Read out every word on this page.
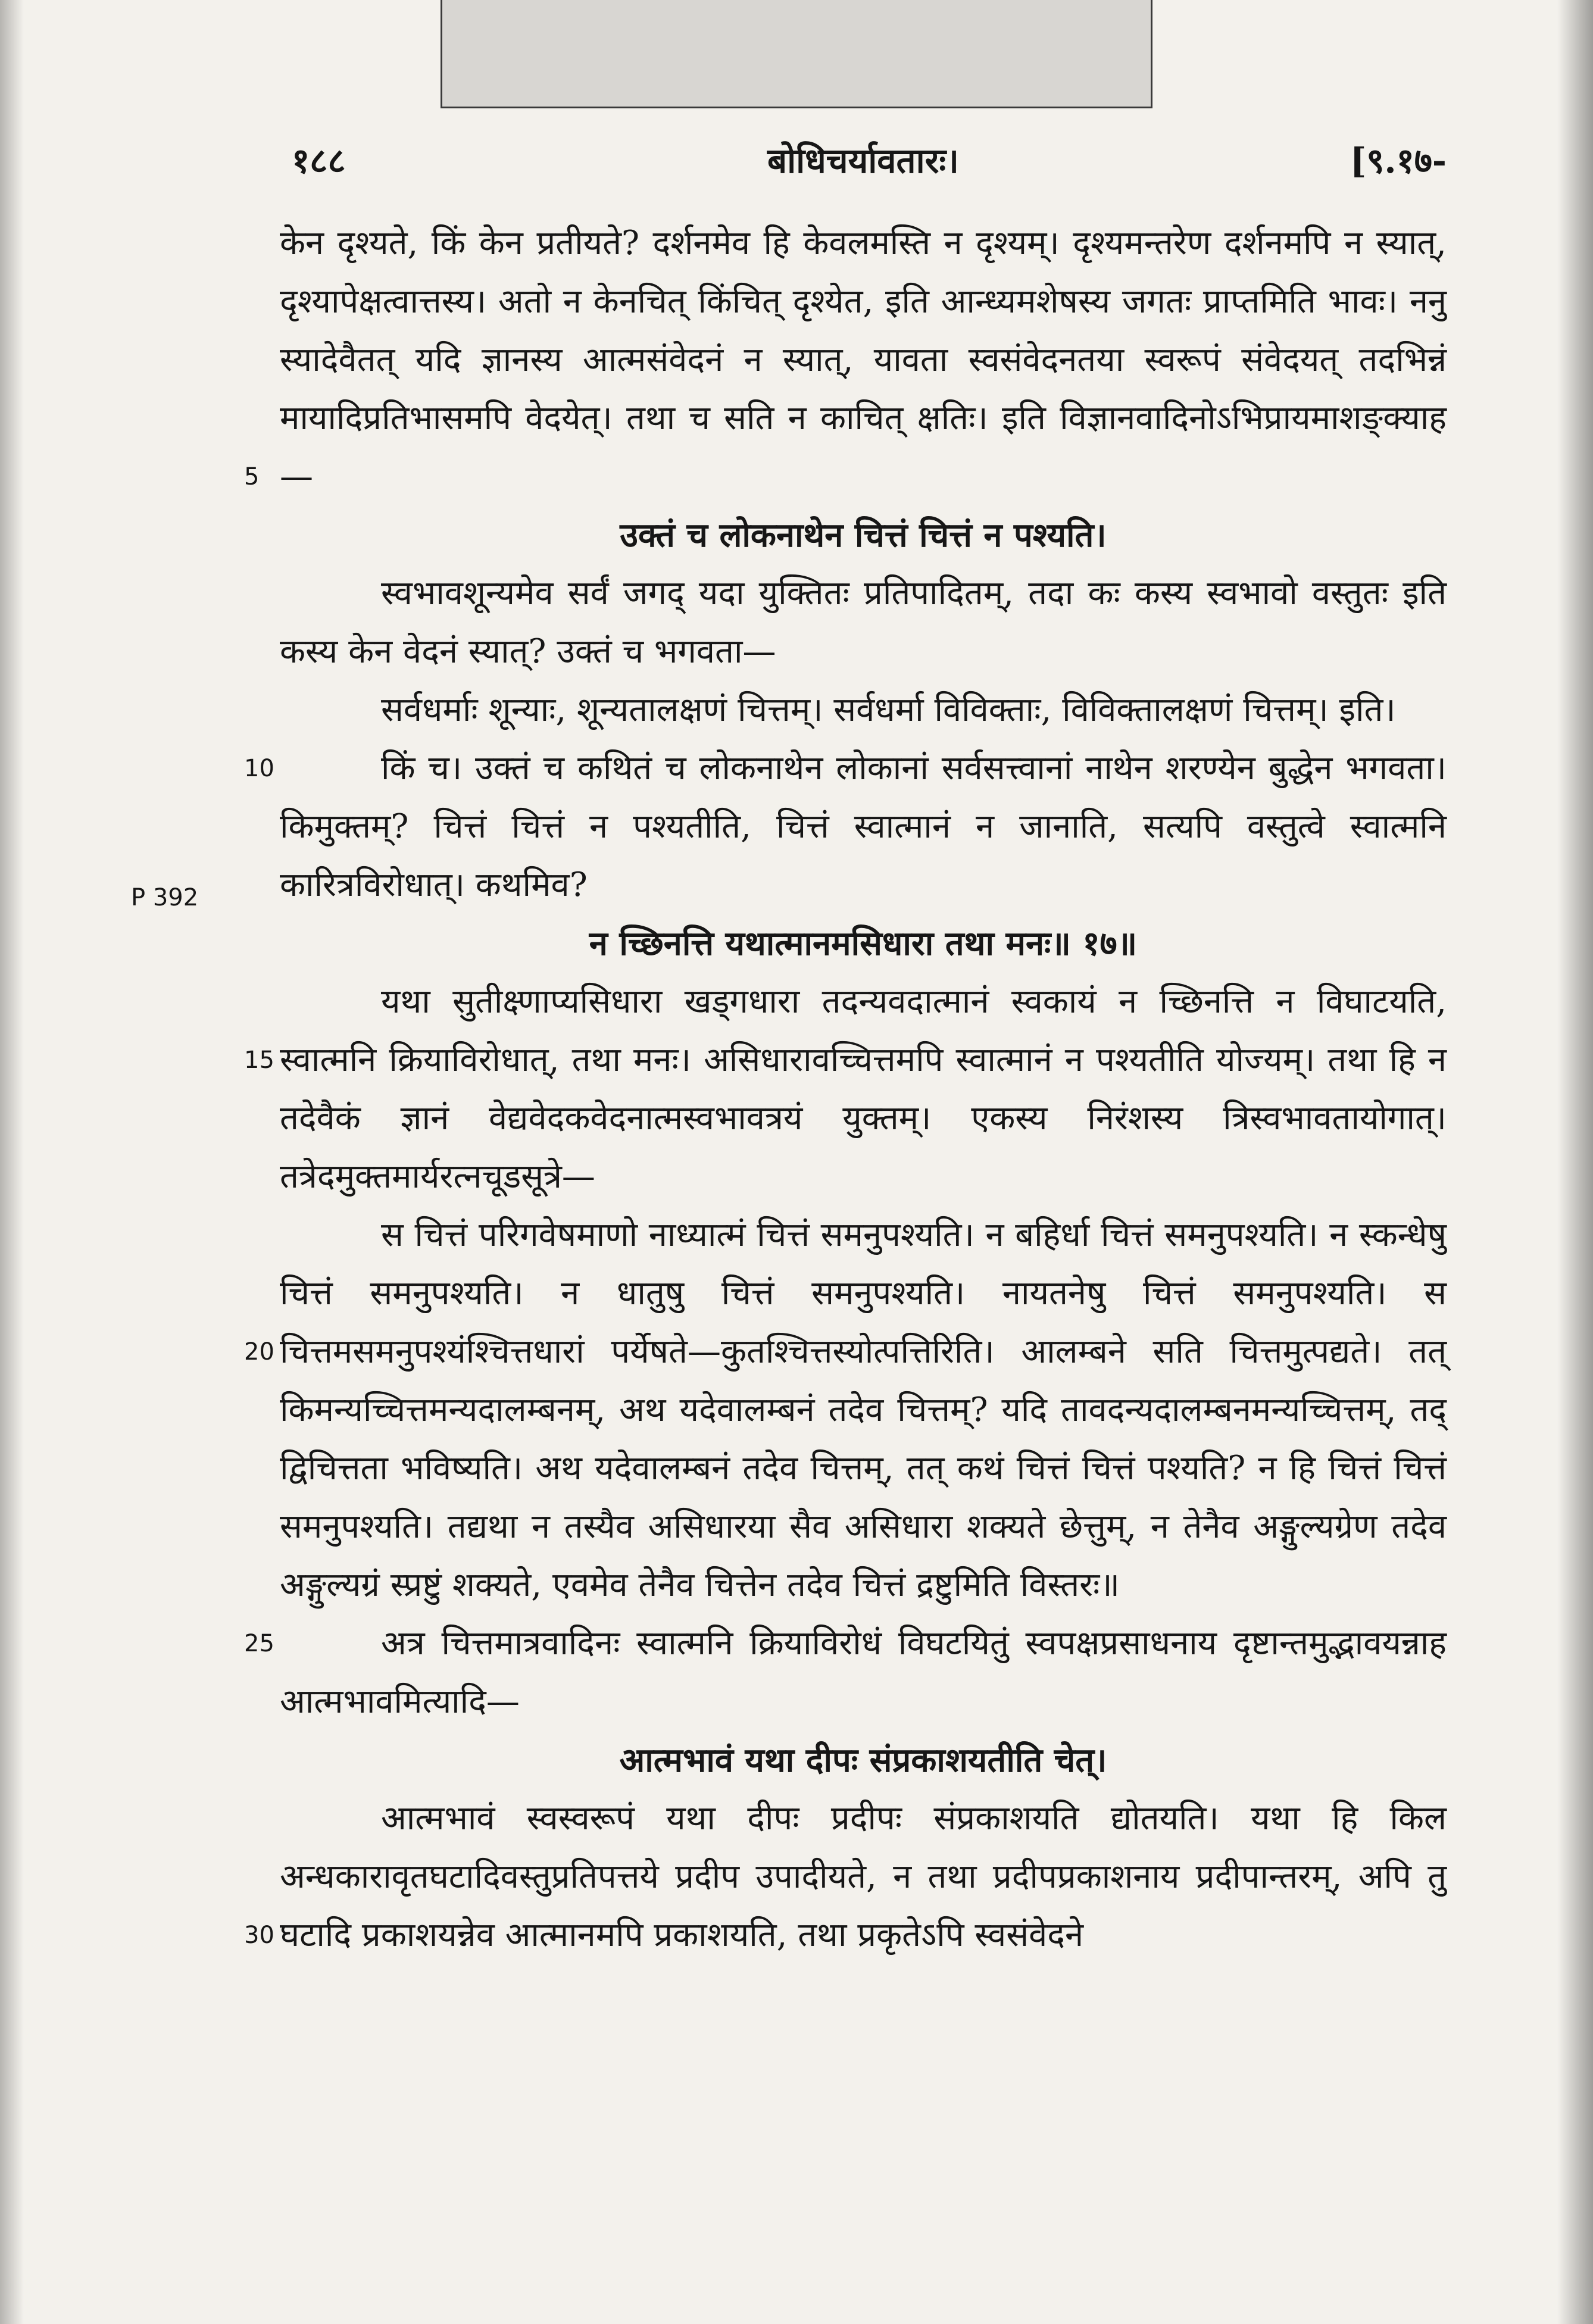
१८८	बोधिचर्यावतारः।	[९.१७-
P 392
5
10
15
20
25
30

केन दृश्यते, किं केन प्रतीयते? दर्शनमेव हि केवलमस्ति न दृश्यम्। दृश्यमन्तरेण दर्शनमपि न स्यात्, दृश्यापेक्षत्वात्तस्य। अतो न केनचित् किंचित् दृश्येत, इति आन्ध्यमशेषस्य जगतः प्राप्तमिति भावः। ननु स्यादेवैतत् यदि ज्ञानस्य आत्मसंवेदनं न स्यात्, यावता स्वसंवेदनतया स्वरूपं संवेदयत् तदभिन्नं मायादिप्रतिभासमपि वेदयेत्। तथा च सति न काचित् क्षतिः। इति विज्ञानवादिनोऽभिप्रायमाशङ्क्याह—

उक्तं च लोकनाथेन चित्तं चित्तं न पश्यति।

स्वभावशून्यमेव सर्वं जगद् यदा युक्तितः प्रतिपादितम्, तदा कः कस्य स्वभावो वस्तुतः इति कस्य केन वेदनं स्यात्? उक्तं च भगवता—

सर्वधर्माः शून्याः, शून्यतालक्षणं चित्तम्। सर्वधर्मा विविक्ताः, विविक्तालक्षणं चित्तम्। इति।

किं च। उक्तं च कथितं च लोकनाथेन लोकानां सर्वसत्त्वानां नाथेन शरण्येन बुद्धेन भगवता। किमुक्तम्? चित्तं चित्तं न पश्यतीति, चित्तं स्वात्मानं न जानाति, सत्यपि वस्तुत्वे स्वात्मनि कारित्रविरोधात्। कथमिव?

न च्छिनत्ति यथात्मानमसिधारा तथा मनः॥ १७॥

यथा सुतीक्ष्णाप्यसिधारा खड्गधारा तदन्यवदात्मानं स्वकायं न च्छिनत्ति न विघाटयति, स्वात्मनि क्रियाविरोधात्, तथा मनः। असिधारावच्चित्तमपि स्वात्मानं न पश्यतीति योज्यम्। तथा हि न तदेवैकं ज्ञानं वेद्यवेदकवेदनात्मस्वभावत्रयं युक्तम्। एकस्य निरंशस्य त्रिस्वभावतायोगात्। तत्रेदमुक्तमार्यरत्नचूडसूत्रे—

स चित्तं परिगवेषमाणो नाध्यात्मं चित्तं समनुपश्यति। न बहिर्धा चित्तं समनुपश्यति। न स्कन्धेषु चित्तं समनुपश्यति। न धातुषु चित्तं समनुपश्यति। नायतनेषु चित्तं समनुपश्यति। स चित्तमसमनुपश्यंश्चित्तधारां पर्येषते—कुतश्चित्तस्योत्पत्तिरिति। आलम्बने सति चित्तमुत्पद्यते। तत् किमन्यच्चित्तमन्यदालम्बनम्, अथ यदेवालम्बनं तदेव चित्तम्? यदि तावदन्यदालम्बनमन्यच्चित्तम्, तद् द्विचित्तता भविष्यति। अथ यदेवालम्बनं तदेव चित्तम्, तत् कथं चित्तं चित्तं पश्यति? न हि चित्तं चित्तं समनुपश्यति। तद्यथा न तस्यैव असिधारया सैव असिधारा शक्यते छेत्तुम्, न तेनैव अङ्गुल्यग्रेण तदेव अङ्गुल्यग्रं स्प्रष्टुं शक्यते, एवमेव तेनैव चित्तेन तदेव चित्तं द्रष्टुमिति विस्तरः॥

अत्र चित्तमात्रवादिनः स्वात्मनि क्रियाविरोधं विघटयितुं स्वपक्षप्रसाधनाय दृष्टान्तमुद्भावयन्नाह आत्मभावमित्यादि—

आत्मभावं यथा दीपः संप्रकाशयतीति चेत्।

आत्मभावं स्वस्वरूपं यथा दीपः प्रदीपः संप्रकाशयति द्योतयति। यथा हि किल अन्धकारावृतघटादिवस्तुप्रतिपत्तये प्रदीप उपादीयते, न तथा प्रदीपप्रकाशनाय प्रदीपान्तरम्, अपि तु घटादि प्रकाशयन्नेव आत्मानमपि प्रकाशयति, तथा प्रकृतेऽपि स्वसंवेदने
